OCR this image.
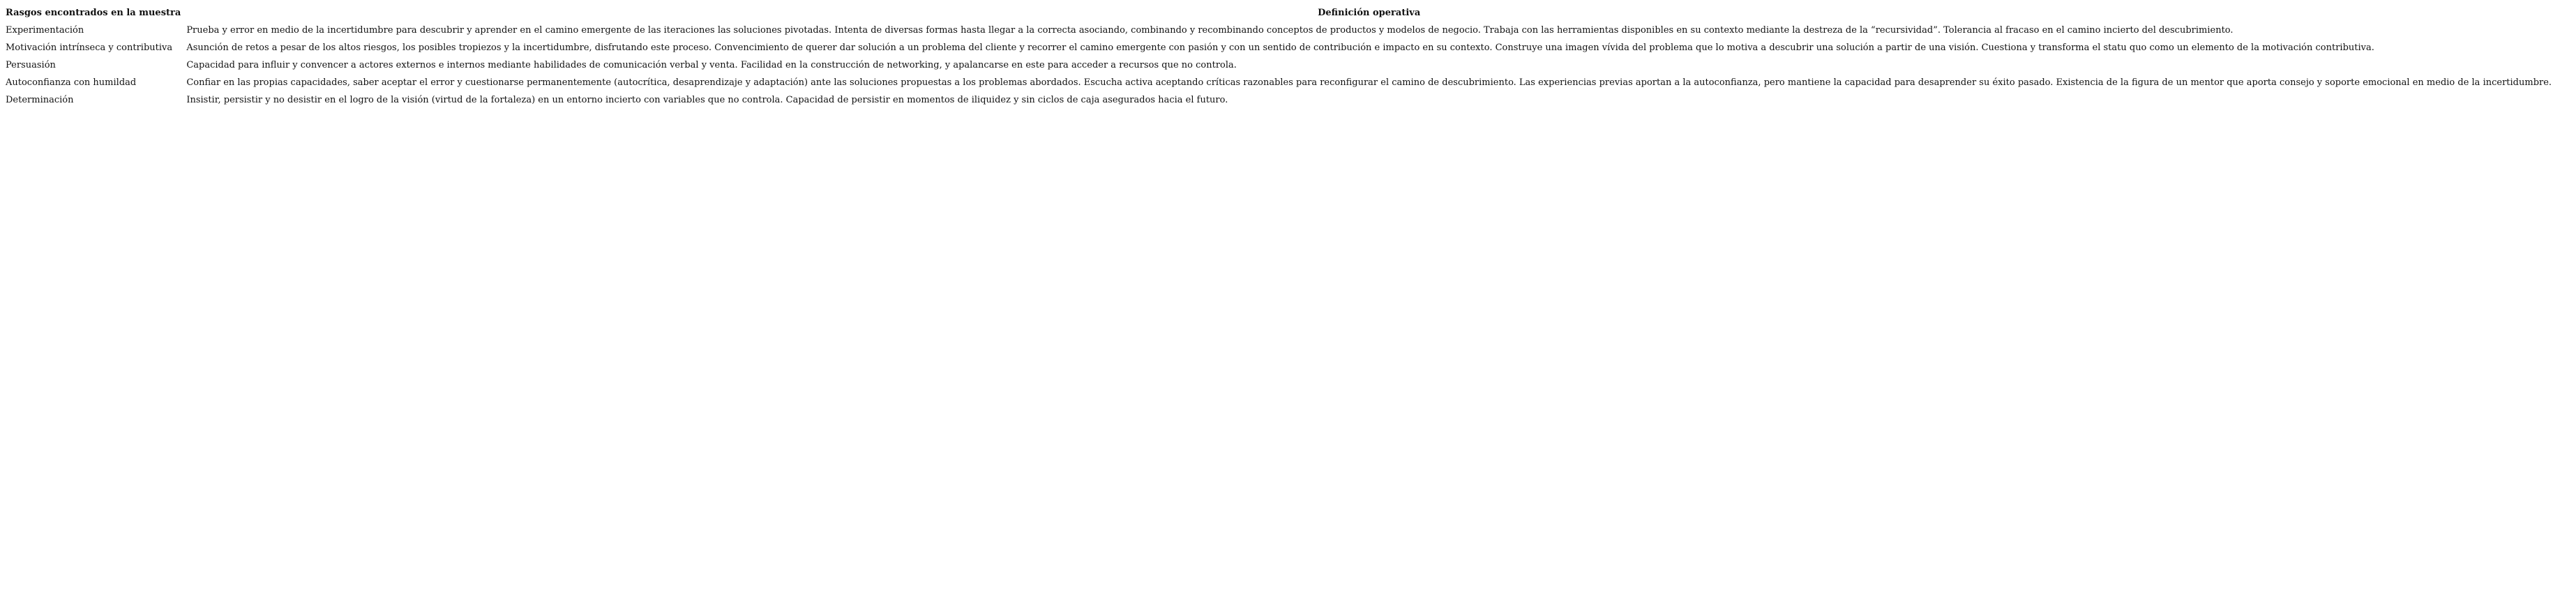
Rasgos encontrados en la muestra	Definición operativa
Experimentación	Prueba y error en medio de la incertidumbre para descubrir y aprender en el camino emergente de las iteraciones las soluciones pivotadas. Intenta de diversas formas hasta llegar a la correcta asociando, combinando y recombinando conceptos de productos y modelos de negocio. Trabaja con las herramientas disponibles en su contexto mediante la destreza de la “recursividad”. Tolerancia al fracaso en el camino incierto del descubrimiento.
Motivación intrínseca y contributiva	Asunción de retos a pesar de los altos riesgos, los posibles tropiezos y la incertidumbre, disfrutando este proceso. Convencimiento de querer dar solución a un problema del cliente y recorrer el camino emergente con pasión y con un sentido de contribución e impacto en su contexto. Construye una imagen vívida del problema que lo motiva a descubrir una solución a partir de una visión. Cuestiona y transforma el statu quo como un elemento de la motivación contributiva.
Persuasión	Capacidad para influir y convencer a actores externos e internos mediante habilidades de comunicación verbal y venta. Facilidad en la construcción de networking, y apalancarse en este para acceder a recursos que no controla.
Autoconfianza con humildad	Confiar en las propias capacidades, saber aceptar el error y cuestionarse permanentemente (autocrítica, desaprendizaje y adaptación) ante las soluciones propuestas a los problemas abordados. Escucha activa aceptando críticas razonables para reconfigurar el camino de descubrimiento. Las experiencias previas aportan a la autoconfianza, pero mantiene la capacidad para desaprender su éxito pasado. Existencia de la figura de un mentor que aporta consejo y soporte emocional en medio de la incertidumbre.
Determinación	Insistir, persistir y no desistir en el logro de la visión (virtud de la fortaleza) en un entorno incierto con variables que no controla. Capacidad de persistir en momentos de iliquidez y sin ciclos de caja asegurados hacia el futuro.
